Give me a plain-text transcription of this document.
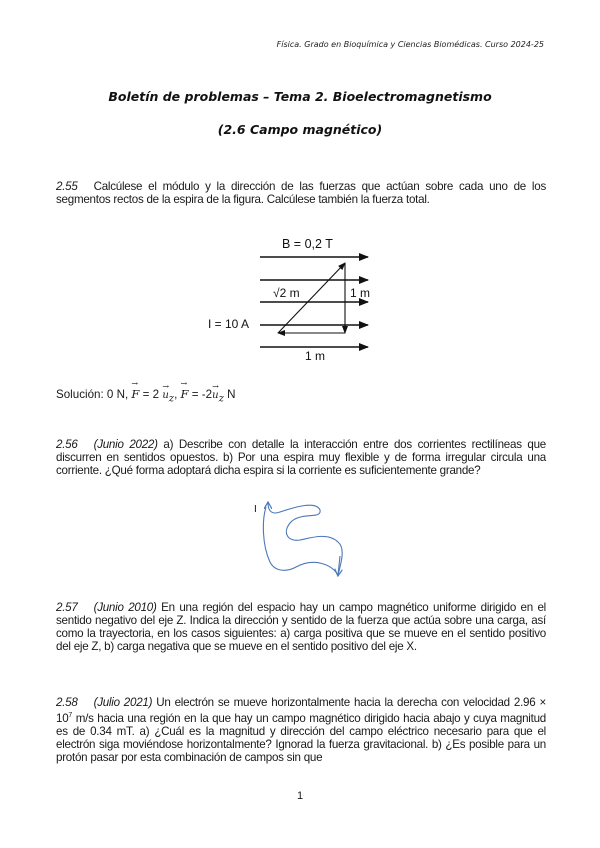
Física. Grado en Bioquímica y Ciencias Biomédicas. Curso 2024-25
Boletín de problemas – Tema 2. Bioelectromagnetismo
(2.6 Campo magnético)
2.55 Calcúlese el módulo y la dirección de las fuerzas que actúan sobre cada uno de los segmentos rectos de la espira de la figura. Calcúlese también la fuerza total.
B = 0,2 T
√2 m	1 m
I = 10 A
1 m
Solución: 0 N, → $F = 2 \to u_z$, → $F = -2\to u_z$ N
2.56 (Junio 2022) a) Describe con detalle la interacción entre dos corrientes rectilíneas que discurren en sentidos opuestos. b) Por una espira muy flexible y de forma irregular circula una corriente. ¿Qué forma adoptará dicha espira si la corriente es suficientemente grande?
I
2.57 (Junio 2010) En una región del espacio hay un campo magnético uniforme dirigido en el sentido negativo del eje Z. Indica la dirección y sentido de la fuerza que actúa sobre una carga, así como la trayectoria, en los casos siguientes: a) carga positiva que se mueve en el sentido positivo del eje Z, b) carga negativa que se mueve en el sentido positivo del eje X.
2.58 (Julio 2021) Un electrón se mueve horizontalmente hacia la derecha con velocidad $2.96 \times 10^7$ m/s hacia una región en la que hay un campo magnético dirigido hacia abajo y cuya magnitud es de 0.34 mT. a) ¿Cuál es la magnitud y dirección del campo eléctrico necesario para que el electrón siga moviéndose horizontalmente? Ignorad la fuerza gravitacional. b) ¿Es posible para un protón pasar por esta combinación de campos sin que
1
